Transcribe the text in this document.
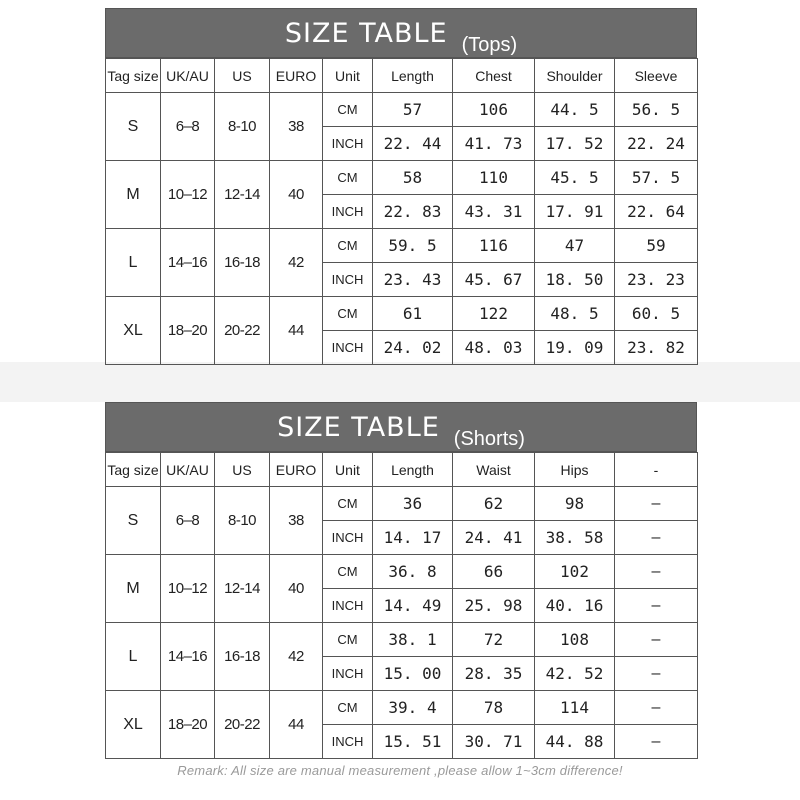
SIZE TABLE (Tops)
Tag size	UK/AU	US	EURO	Unit	Length	Chest	Shoulder	Sleeve
S	6–8	8-10	38	CM	57	106	44. 5	56. 5
				INCH	22. 44	41. 73	17. 52	22. 24
M	10–12	12-14	40	CM	58	110	45. 5	57. 5
				INCH	22. 83	43. 31	17. 91	22. 64
L	14–16	16-18	42	CM	59. 5	116	47	59
				INCH	23. 43	45. 67	18. 50	23. 23
XL	18–20	20-22	44	CM	61	122	48. 5	60. 5
				INCH	24. 02	48. 03	19. 09	23. 82
SIZE TABLE (Shorts)
Tag size	UK/AU	US	EURO	Unit	Length	Waist	Hips	-
S	6–8	8-10	38	CM	36	62	98	–
				INCH	14. 17	24. 41	38. 58	–
M	10–12	12-14	40	CM	36. 8	66	102	–
				INCH	14. 49	25. 98	40. 16	–
L	14–16	16-18	42	CM	38. 1	72	108	–
				INCH	15. 00	28. 35	42. 52	–
XL	18–20	20-22	44	CM	39. 4	78	114	–
				INCH	15. 51	30. 71	44. 88	–
Remark: All size are manual measurement ,please allow 1~3cm difference!
